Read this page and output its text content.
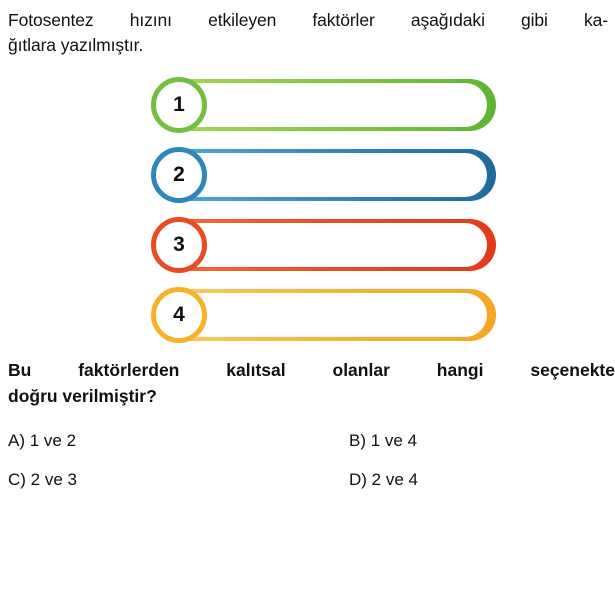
Fotosentez hızını etkileyen faktörler aşağıdaki gibi ka-
ğıtlara yazılmıştır.
1
2
3
4
Bu faktörlerden kalıtsal olanlar hangi seçenekte
doğru verilmiştir?
A) 1 ve 2	B) 1 ve 4
C) 2 ve 3	D) 2 ve 4
